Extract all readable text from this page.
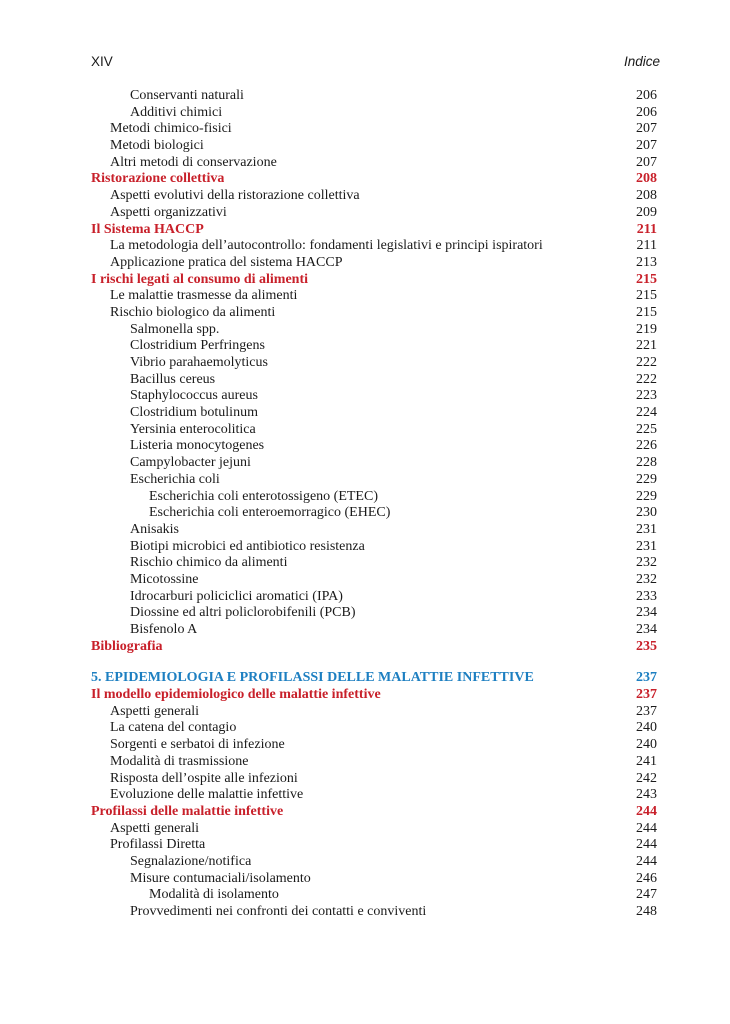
XIV	Indice
Conservanti naturali	206
Additivi chimici	206
Metodi chimico-fisici	207
Metodi biologici	207
Altri metodi di conservazione	207
Ristorazione collettiva	208
Aspetti evolutivi della ristorazione collettiva	208
Aspetti organizzativi	209
Il Sistema HACCP	211
La metodologia dell’autocontrollo: fondamenti legislativi e principi ispiratori	211
Applicazione pratica del sistema HACCP	213
I rischi legati al consumo di alimenti	215
Le malattie trasmesse da alimenti	215
Rischio biologico da alimenti	215
Salmonella spp.	219
Clostridium Perfringens	221
Vibrio parahaemolyticus	222
Bacillus cereus	222
Staphylococcus aureus	223
Clostridium botulinum	224
Yersinia enterocolitica	225
Listeria monocytogenes	226
Campylobacter jejuni	228
Escherichia coli	229
Escherichia coli enterotossigeno (ETEC)	229
Escherichia coli enteroemorragico (EHEC)	230
Anisakis	231
Biotipi microbici ed antibiotico resistenza	231
Rischio chimico da alimenti	232
Micotossine	232
Idrocarburi policiclici aromatici (IPA)	233
Diossine ed altri policlorobifenili (PCB)	234
Bisfenolo A	234
Bibliografia	235
5. EPIDEMIOLOGIA E PROFILASSI DELLE MALATTIE INFETTIVE	237
Il modello epidemiologico delle malattie infettive	237
Aspetti generali	237
La catena del contagio	240
Sorgenti e serbatoi di infezione	240
Modalità di trasmissione	241
Risposta dell’ospite alle infezioni	242
Evoluzione delle malattie infettive	243
Profilassi delle malattie infettive	244
Aspetti generali	244
Profilassi Diretta	244
Segnalazione/notifica	244
Misure contumaciali/isolamento	246
Modalità di isolamento	247
Provvedimenti nei confronti dei contatti e conviventi	248
